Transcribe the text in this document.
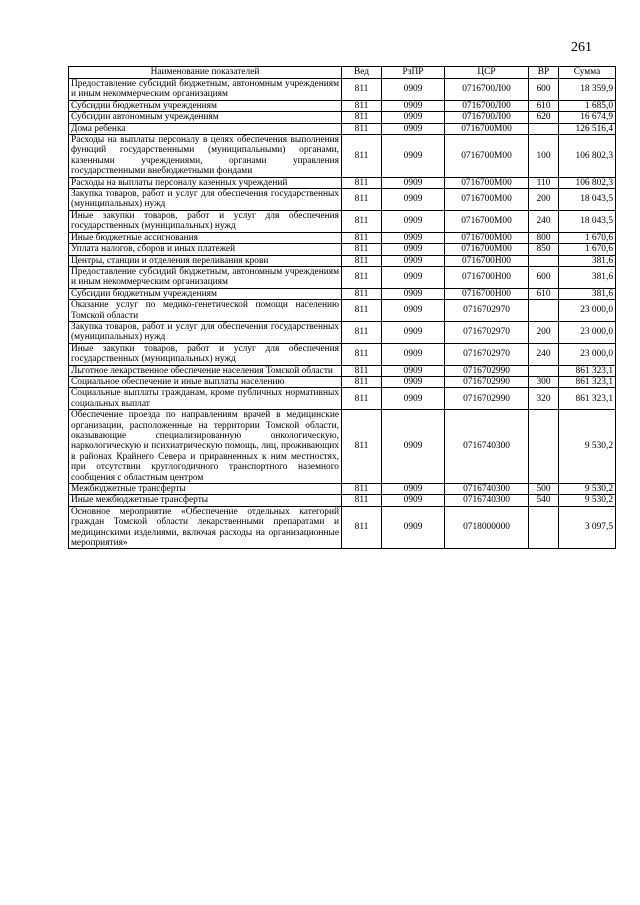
261
Наименование показателей	Вед	РзПР	ЦСР	ВР	Сумма
Предоставление субсидий бюджетным, автономным учреждениям и иным некоммерческим организациям	811	0909	0716700Л00	600	18 359,9
Субсидии бюджетным учреждениям	811	0909	0716700Л00	610	1 685,0
Субсидии автономным учреждениям	811	0909	0716700Л00	620	16 674,9
Дома ребенка	811	0909	0716700М00		126 516,4
Расходы на выплаты персоналу в целях обеспечения выполнения функций государственными (муниципальными) органами, казенными учреждениями, органами управления государственными внебюджетными фондами	811	0909	0716700М00	100	106 802,3
Расходы на выплаты персоналу казенных учреждений	811	0909	0716700М00	110	106 802,3
Закупка товаров, работ и услуг для обеспечения государственных (муниципальных) нужд	811	0909	0716700М00	200	18 043,5
Иные закупки товаров, работ и услуг для обеспечения государственных (муниципальных) нужд	811	0909	0716700М00	240	18 043,5
Иные бюджетные ассигнования	811	0909	0716700М00	800	1 670,6
Уплата налогов, сборов и иных платежей	811	0909	0716700М00	850	1 670,6
Центры, станции и отделения переливания крови	811	0909	0716700Н00		381,6
Предоставление субсидий бюджетным, автономным учреждениям и иным некоммерческим организациям	811	0909	0716700Н00	600	381,6
Субсидии бюджетным учреждениям	811	0909	0716700Н00	610	381,6
Оказание услуг по медико-генетической помощи населению Томской области	811	0909	0716702970		23 000,0
Закупка товаров, работ и услуг для обеспечения государственных (муниципальных) нужд	811	0909	0716702970	200	23 000,0
Иные закупки товаров, работ и услуг для обеспечения государственных (муниципальных) нужд	811	0909	0716702970	240	23 000,0
Льготное лекарственное обеспечение населения Томской области	811	0909	0716702990		861 323,1
Социальное обеспечение и иные выплаты населению	811	0909	0716702990	300	861 323,1
Социальные выплаты гражданам, кроме публичных нормативных социальных выплат	811	0909	0716702990	320	861 323,1
Обеспечение проезда по направлениям врачей в медицинские организации, расположенные на территории Томской области, оказывающие специализированную онкологическую, наркологическую и психиатрическую помощь, лиц, проживающих в районах Крайнего Севера и приравненных к ним местностях, при отсутствии круглогодичного транспортного наземного сообщения с областным центром	811	0909	0716740300		9 530,2
Межбюджетные трансферты	811	0909	0716740300	500	9 530,2
Иные межбюджетные трансферты	811	0909	0716740300	540	9 530,2
Основное мероприятие «Обеспечение отдельных категорий граждан Томской области лекарственными препаратами и медицинскими изделиями, включая расходы на организационные мероприятия»	811	0909	0718000000		3 097,5
